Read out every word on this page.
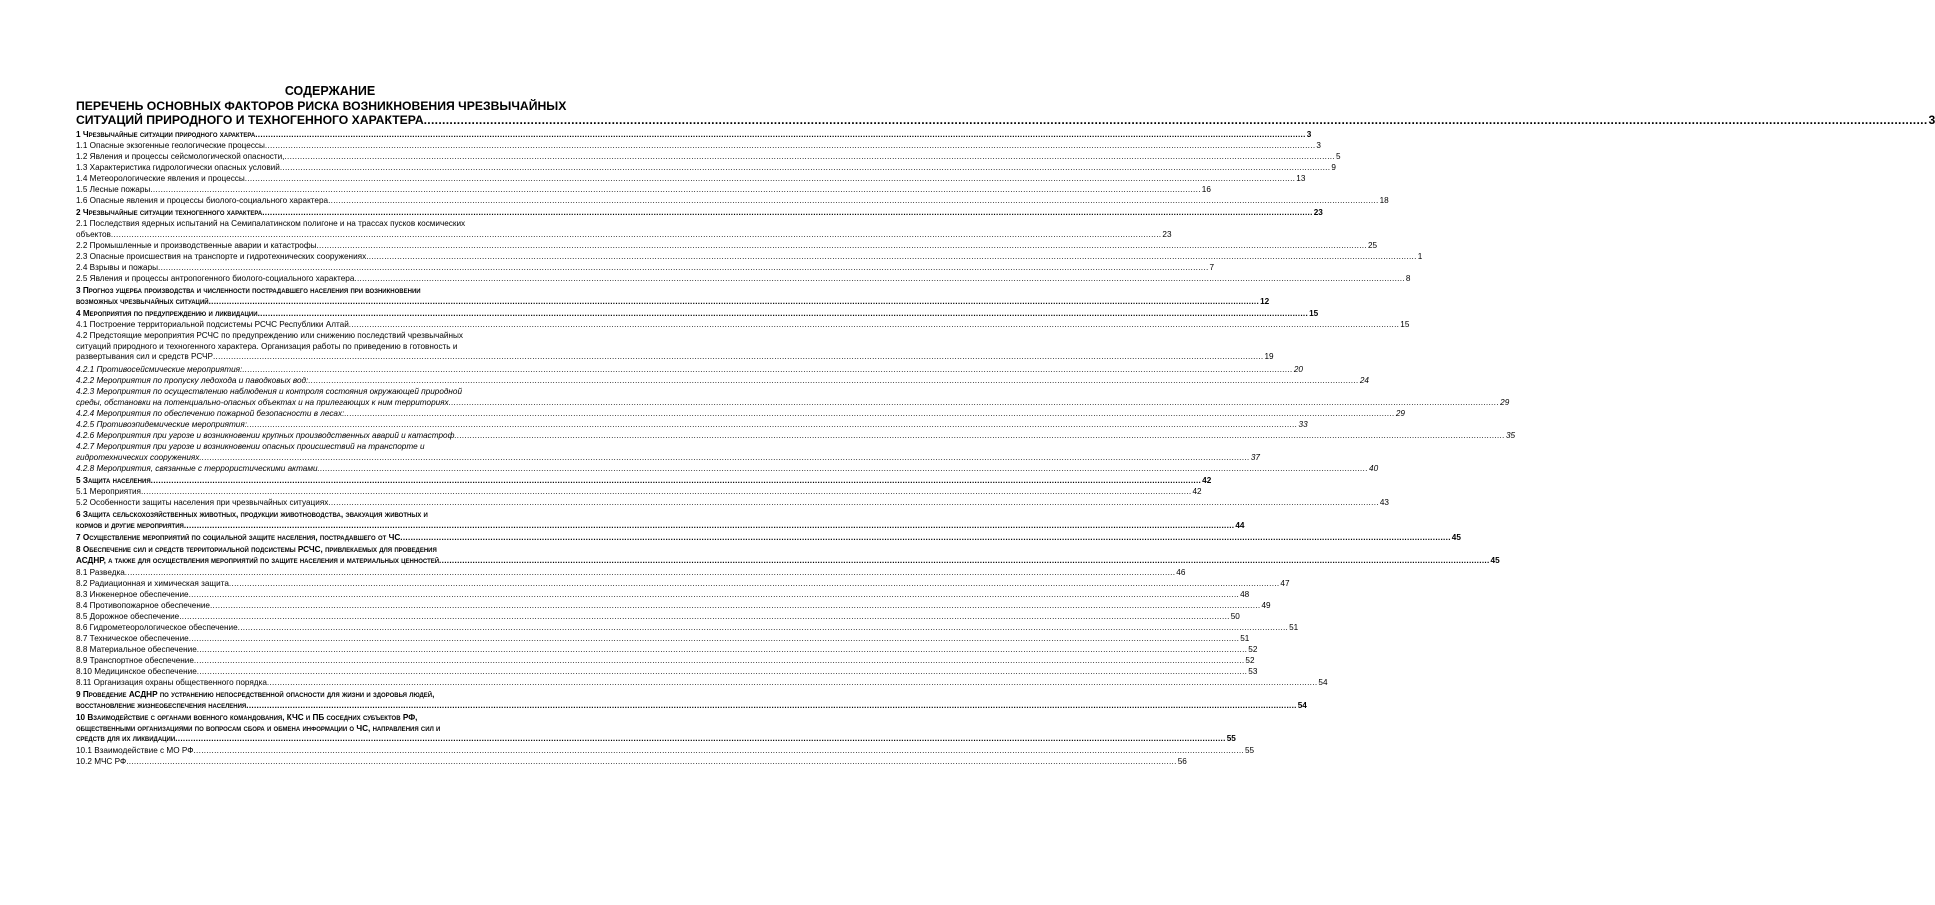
СОДЕРЖАНИЕ
ПЕРЕЧЕНЬ ОСНОВНЫХ ФАКТОРОВ РИСКА ВОЗНИКНОВЕНИЯ ЧРЕЗВЫЧАЙНЫХ
СИТУАЦИЙ ПРИРОДНОГО И ТЕХНОГЕННОГО ХАРАКТЕРА .....	3
1 Чрезвычайные ситуации природного характера .....	3
1.1 Опасные экзогенные геологические процессы .....	3
1.2 Явления и процессы сейсмологической опасности, .....	5
1.3 Характеристика гидрологически опасных условий .....	9
1.4 Метеорологические явления и процессы .....	13
1.5 Лесные пожары .....	16
1.6 Опасные явления и процессы биолого-социального характера .....	18
2 Чрезвычайные ситуации техногенного характера .....	23
2.1 Последствия ядерных испытаний на Семипалатинском полигоне и на трассах пусков космических
объектов .....	23
2.2 Промышленные и производственные аварии и катастрофы .....	25
2.3 Опасные происшествия на транспорте и гидротехнических сооружениях .....	1
2.4 Взрывы и пожары .....	7
2.5 Явления и процессы антропогенного биолого-социального характера .....	8
3 Прогноз ущерба производства и численности пострадавшего населения при возникновении
возможных чрезвычайных ситуаций .....	12
4 Мероприятия по предупреждению и ликвидации .....	15
4.1 Построение территориальной подсистемы РСЧС Республики Алтай .....	15
4.2 Предстоящие мероприятия РСЧС по предупреждению или снижению последствий чрезвычайных
ситуаций природного и техногенного характера. Организация работы по приведению в готовность и
развертывания сил и средств РСЧР .....	19
4.2.1 Противосейсмические мероприятия: .....	20
4.2.2 Мероприятия по пропуску ледохода и паводковых вод: .....	24
4.2.3 Мероприятия по осуществлению наблюдения и контроля состояния окружающей природной
среды, обстановки на потенциально-опасных объектах и на прилегающих к ним территориях .....	29
4.2.4 Мероприятия по обеспечению пожарной безопасности в лесах: .....	29
4.2.5 Противоэпидемические мероприятия: .....	33
4.2.6 Мероприятия при угрозе и возникновении крупных производственных аварий и катастроф .....	35
4.2.7 Мероприятия при угрозе и возникновении опасных происшествий на транспорте и
гидротехнических сооружениях .....	37
4.2.8 Мероприятия, связанные с террористическими актами .....	40
5 Защита населения .....	42
5.1 Мероприятия .....	42
5.2 Особенности защиты населения при чрезвычайных ситуациях .....	43
6 Защита сельскохозяйственных животных, продукции животноводства, эвакуация животных и
кормов и другие мероприятия .....	44
7 Осуществление мероприятий по социальной защите населения, пострадавшего от ЧС .....	45
8 Обеспечение сил и средств территориальной подсистемы РСЧС, привлекаемых для проведения
АСДНР, а также для осуществления мероприятий по защите населения и материальных ценностей .....	45
8.1 Разведка .....	46
8.2 Радиационная и химическая защита .....	47
8.3 Инженерное обеспечение .....	48
8.4 Противопожарное обеспечение .....	49
8.5 Дорожное обеспечение .....	50
8.6 Гидрометеорологическое обеспечение .....	51
8.7 Техническое обеспечение .....	51
8.8 Материальное обеспечение .....	52
8.9 Транспортное обеспечение .....	52
8.10 Медицинское обеспечение .....	53
8.11 Организация охраны общественного порядка .....	54
9 Проведение АСДНР по устранению непосредственной опасности для жизни и здоровья людей,
восстановление жизнеобеспечения населения .....	54
10 Взаимодействие с органами военного командования, КЧС и ПБ соседних субъектов РФ,
общественными организациями по вопросам сбора и обмена информации о ЧС, направления сил и
средств для их ликвидации .....	55
10.1 Взаимодействие с МО РФ .....	55
10.2 МЧС РФ .....	56
